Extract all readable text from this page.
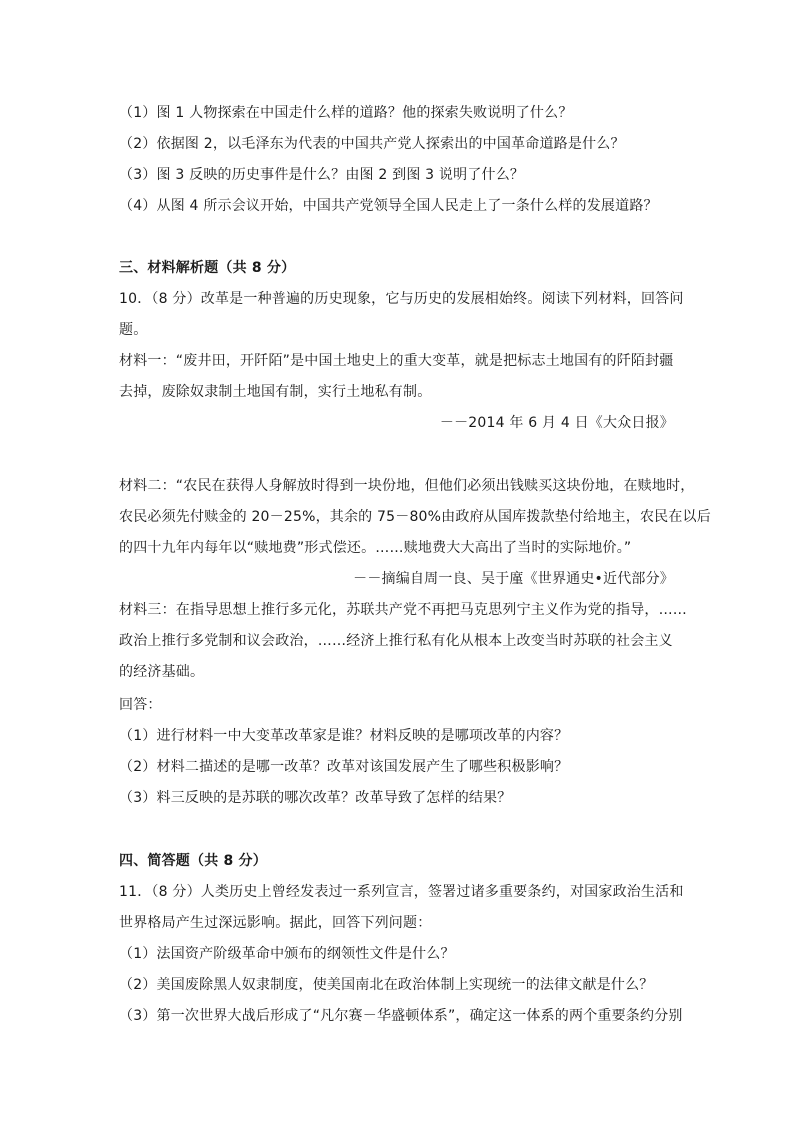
（1）图 1 人物探索在中国走什么样的道路？他的探索失败说明了什么？
（2）依据图 2，以毛泽东为代表的中国共产党人探索出的中国革命道路是什么？
（3）图 3 反映的历史事件是什么？由图 2 到图 3 说明了什么？
（4）从图 4 所示会议开始，中国共产党领导全国人民走上了一条什么样的发展道路？
三、材料解析题（共 8 分）
10．（8 分）改革是一种普遍的历史现象，它与历史的发展相始终。阅读下列材料，回答问
题。
材料一：“废井田，开阡陌”是中国土地史上的重大变革，就是把标志土地国有的阡陌封疆
去掉，废除奴隶制土地国有制，实行土地私有制。
－－2014 年 6 月 4 日《大众日报》
材料二：“农民在获得人身解放时得到一块份地，但他们必须出钱赎买这块份地，在赎地时，
农民必须先付赎金的 20－25%，其余的 75－80%由政府从国库拨款垫付给地主，农民在以后
的四十九年内每年以“赎地费”形式偿还。……赎地费大大高出了当时的实际地价。”
－－摘编自周一良、吴于廑《世界通史•近代部分》
材料三：在指导思想上推行多元化，苏联共产党不再把马克思列宁主义作为党的指导，……
政治上推行多党制和议会政治，……经济上推行私有化从根本上改变当时苏联的社会主义
的经济基础。
回答：
（1）进行材料一中大变革改革家是谁？材料反映的是哪项改革的内容？
（2）材料二描述的是哪一改革？改革对该国发展产生了哪些积极影响？
（3）料三反映的是苏联的哪次改革？改革导致了怎样的结果？
四、简答题（共 8 分）
11．（8 分）人类历史上曾经发表过一系列宣言，签署过诸多重要条约，对国家政治生活和
世界格局产生过深远影响。据此，回答下列问题：
（1）法国资产阶级革命中颁布的纲领性文件是什么？
（2）美国废除黑人奴隶制度，使美国南北在政治体制上实现统一的法律文献是什么？
（3）第一次世界大战后形成了“凡尔赛－华盛顿体系”，确定这一体系的两个重要条约分别
